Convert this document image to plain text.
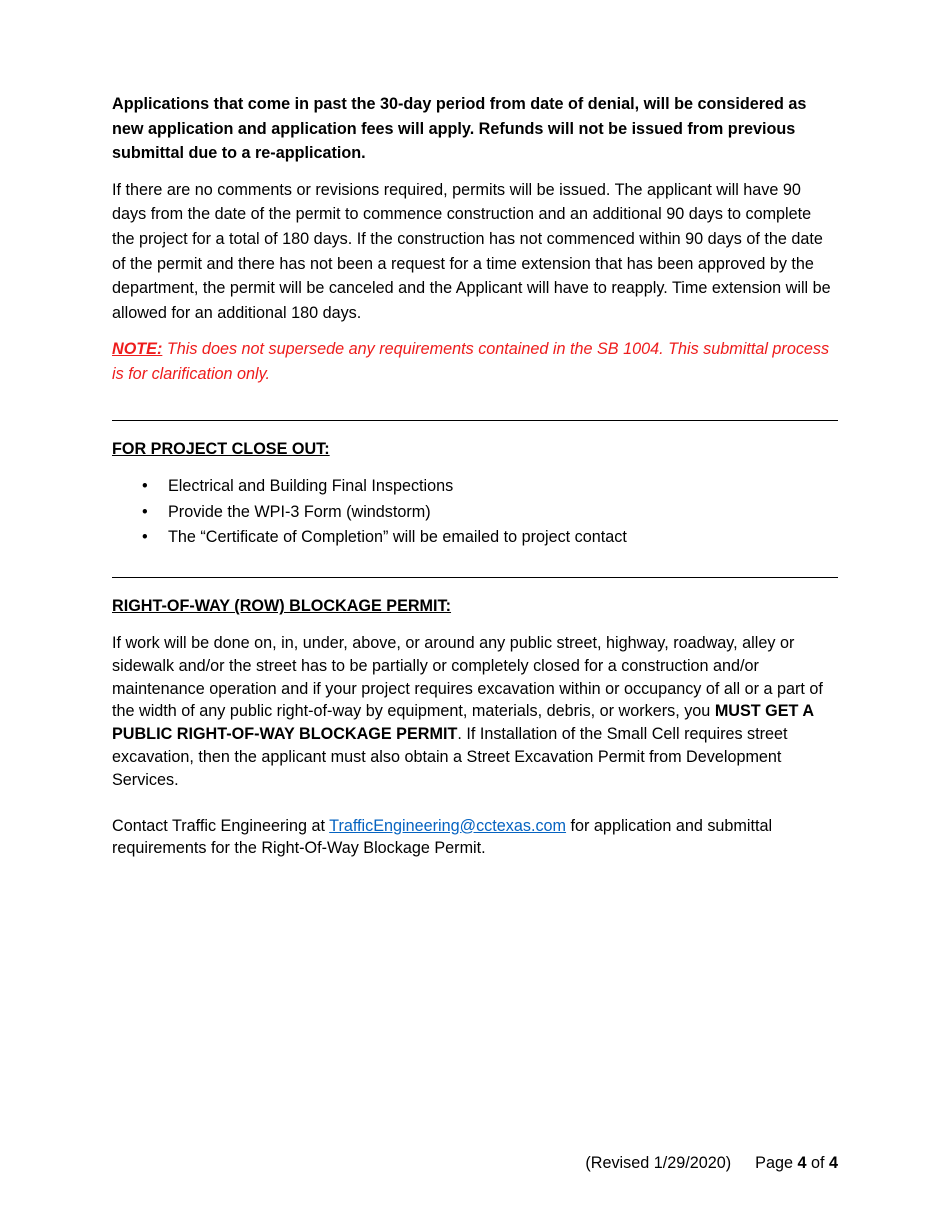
Applications that come in past the 30-day period from date of denial, will be considered as new application and application fees will apply. Refunds will not be issued from previous submittal due to a re-application.

If there are no comments or revisions required, permits will be issued. The applicant will have 90 days from the date of the permit to commence construction and an additional 90 days to complete the project for a total of 180 days. If the construction has not commenced within 90 days of the date of the permit and there has not been a request for a time extension that has been approved by the department, the permit will be canceled and the Applicant will have to reapply. Time extension will be allowed for an additional 180 days.

NOTE: This does not supersede any requirements contained in the SB 1004. This submittal process is for clarification only.

FOR PROJECT CLOSE OUT:

• Electrical and Building Final Inspections
• Provide the WPI-3 Form (windstorm)
• The “Certificate of Completion” will be emailed to project contact

RIGHT-OF-WAY (ROW) BLOCKAGE PERMIT:

If work will be done on, in, under, above, or around any public street, highway, roadway, alley or sidewalk and/or the street has to be partially or completely closed for a construction and/or maintenance operation and if your project requires excavation within or occupancy of all or a part of the width of any public right-of-way by equipment, materials, debris, or workers, you MUST GET A PUBLIC RIGHT-OF-WAY BLOCKAGE PERMIT. If Installation of the Small Cell requires street excavation, then the applicant must also obtain a Street Excavation Permit from Development Services.

Contact Traffic Engineering at TrafficEngineering@cctexas.com for application and submittal requirements for the Right-Of-Way Blockage Permit.

(Revised 1/29/2020) Page 4 of 4
